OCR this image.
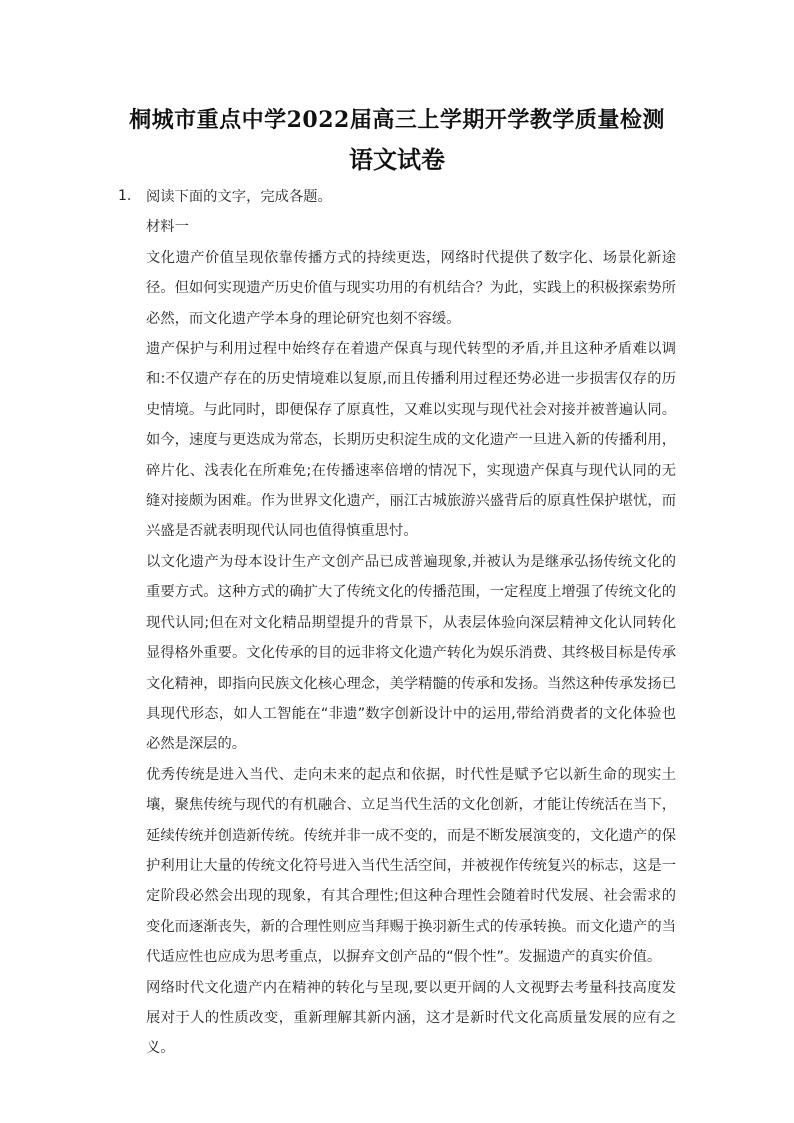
桐城市重点中学2022届高三上学期开学教学质量检测
语文试卷
1. 阅读下面的文字，完成各题。

材料一

文化遗产价值呈现依靠传播方式的持续更迭，网络时代提供了数字化、场景化新途径。但如何实现遗产历史价值与现实功用的有机结合？为此，实践上的积极探索势所必然，而文化遗产学本身的理论研究也刻不容缓。

遗产保护与利用过程中始终存在着遗产保真与现代转型的矛盾,并且这种矛盾难以调和:不仅遗产存在的历史情境难以复原,而且传播利用过程还势必进一步损害仅存的历史情境。与此同时，即便保存了原真性，又难以实现与现代社会对接并被普遍认同。如今，速度与更迭成为常态，长期历史积淀生成的文化遗产一旦进入新的传播利用，碎片化、浅表化在所难免;在传播速率倍增的情况下，实现遗产保真与现代认同的无缝对接颇为困难。作为世界文化遗产，丽江古城旅游兴盛背后的原真性保护堪忧，而兴盛是否就表明现代认同也值得慎重思忖。

以文化遗产为母本设计生产文创产品已成普遍现象,并被认为是继承弘扬传统文化的重要方式。这种方式的确扩大了传统文化的传播范围，一定程度上增强了传统文化的现代认同;但在对文化精品期望提升的背景下，从表层体验向深层精神文化认同转化显得格外重要。文化传承的目的远非将文化遗产转化为娱乐消费、其终极目标是传承文化精神，即指向民族文化核心理念，美学精髓的传承和发扬。当然这种传承发扬已具现代形态，如人工智能在“非遗”数字创新设计中的运用,带给消费者的文化体验也必然是深层的。

优秀传统是进入当代、走向未来的起点和依据，时代性是赋予它以新生命的现实土壤，聚焦传统与现代的有机融合、立足当代生活的文化创新，才能让传统活在当下，延续传统并创造新传统。传统并非一成不变的，而是不断发展演变的，文化遗产的保护利用让大量的传统文化符号进入当代生活空间，并被视作传统复兴的标志，这是一定阶段必然会出现的现象，有其合理性;但这种合理性会随着时代发展、社会需求的变化而逐渐丧失，新的合理性则应当拜赐于换羽新生式的传承转换。而文化遗产的当代适应性也应成为思考重点，以摒弃文创产品的“假个性”。发掘遗产的真实价值。

网络时代文化遗产内在精神的转化与呈现,要以更开阔的人文视野去考量科技高度发展对于人的性质改变，重新理解其新内涵，这才是新时代文化高质量发展的应有之义。
